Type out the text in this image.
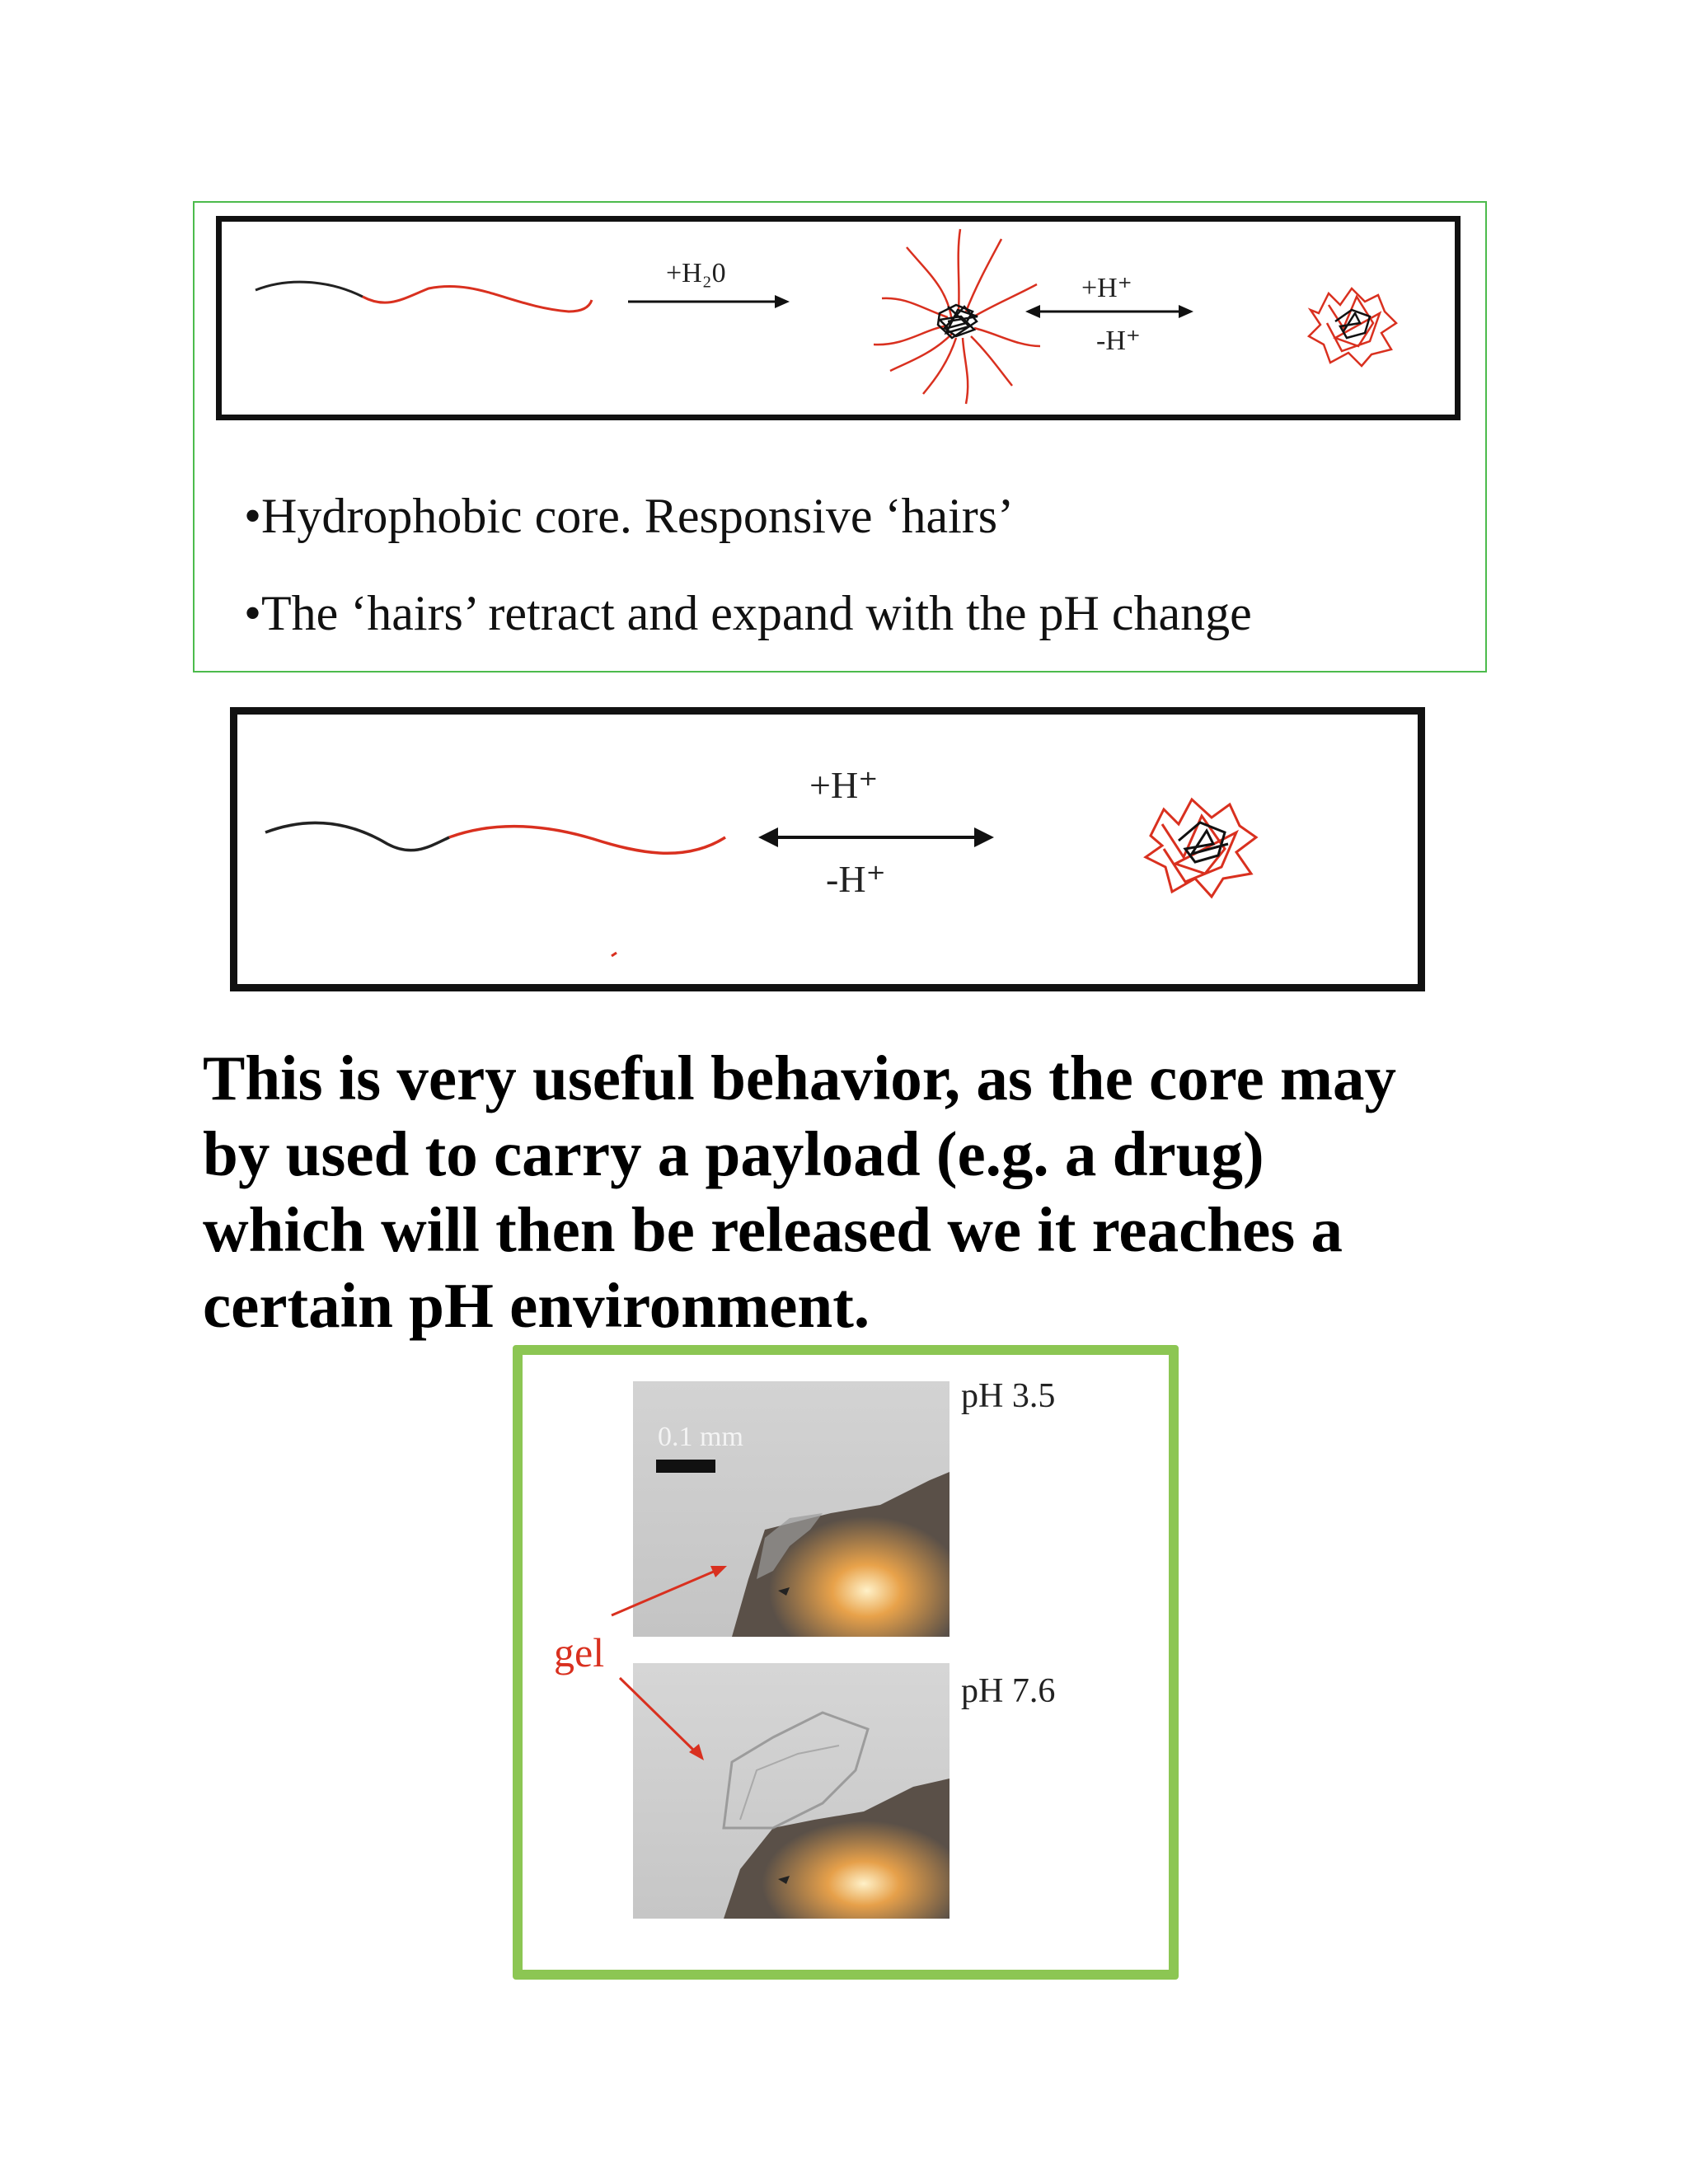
+H₂0	+H⁺
-H⁺
•Hydrophobic core. Responsive ‘hairs’
•The ‘hairs’ retract and expand with the pH change
+H⁺
-H⁺
This is very useful behavior, as the core may
by used to carry a payload (e.g. a drug)
which will then be released we it reaches a
certain pH environment.
0.1 mm
pH 3.5
pH 7.6
gel
